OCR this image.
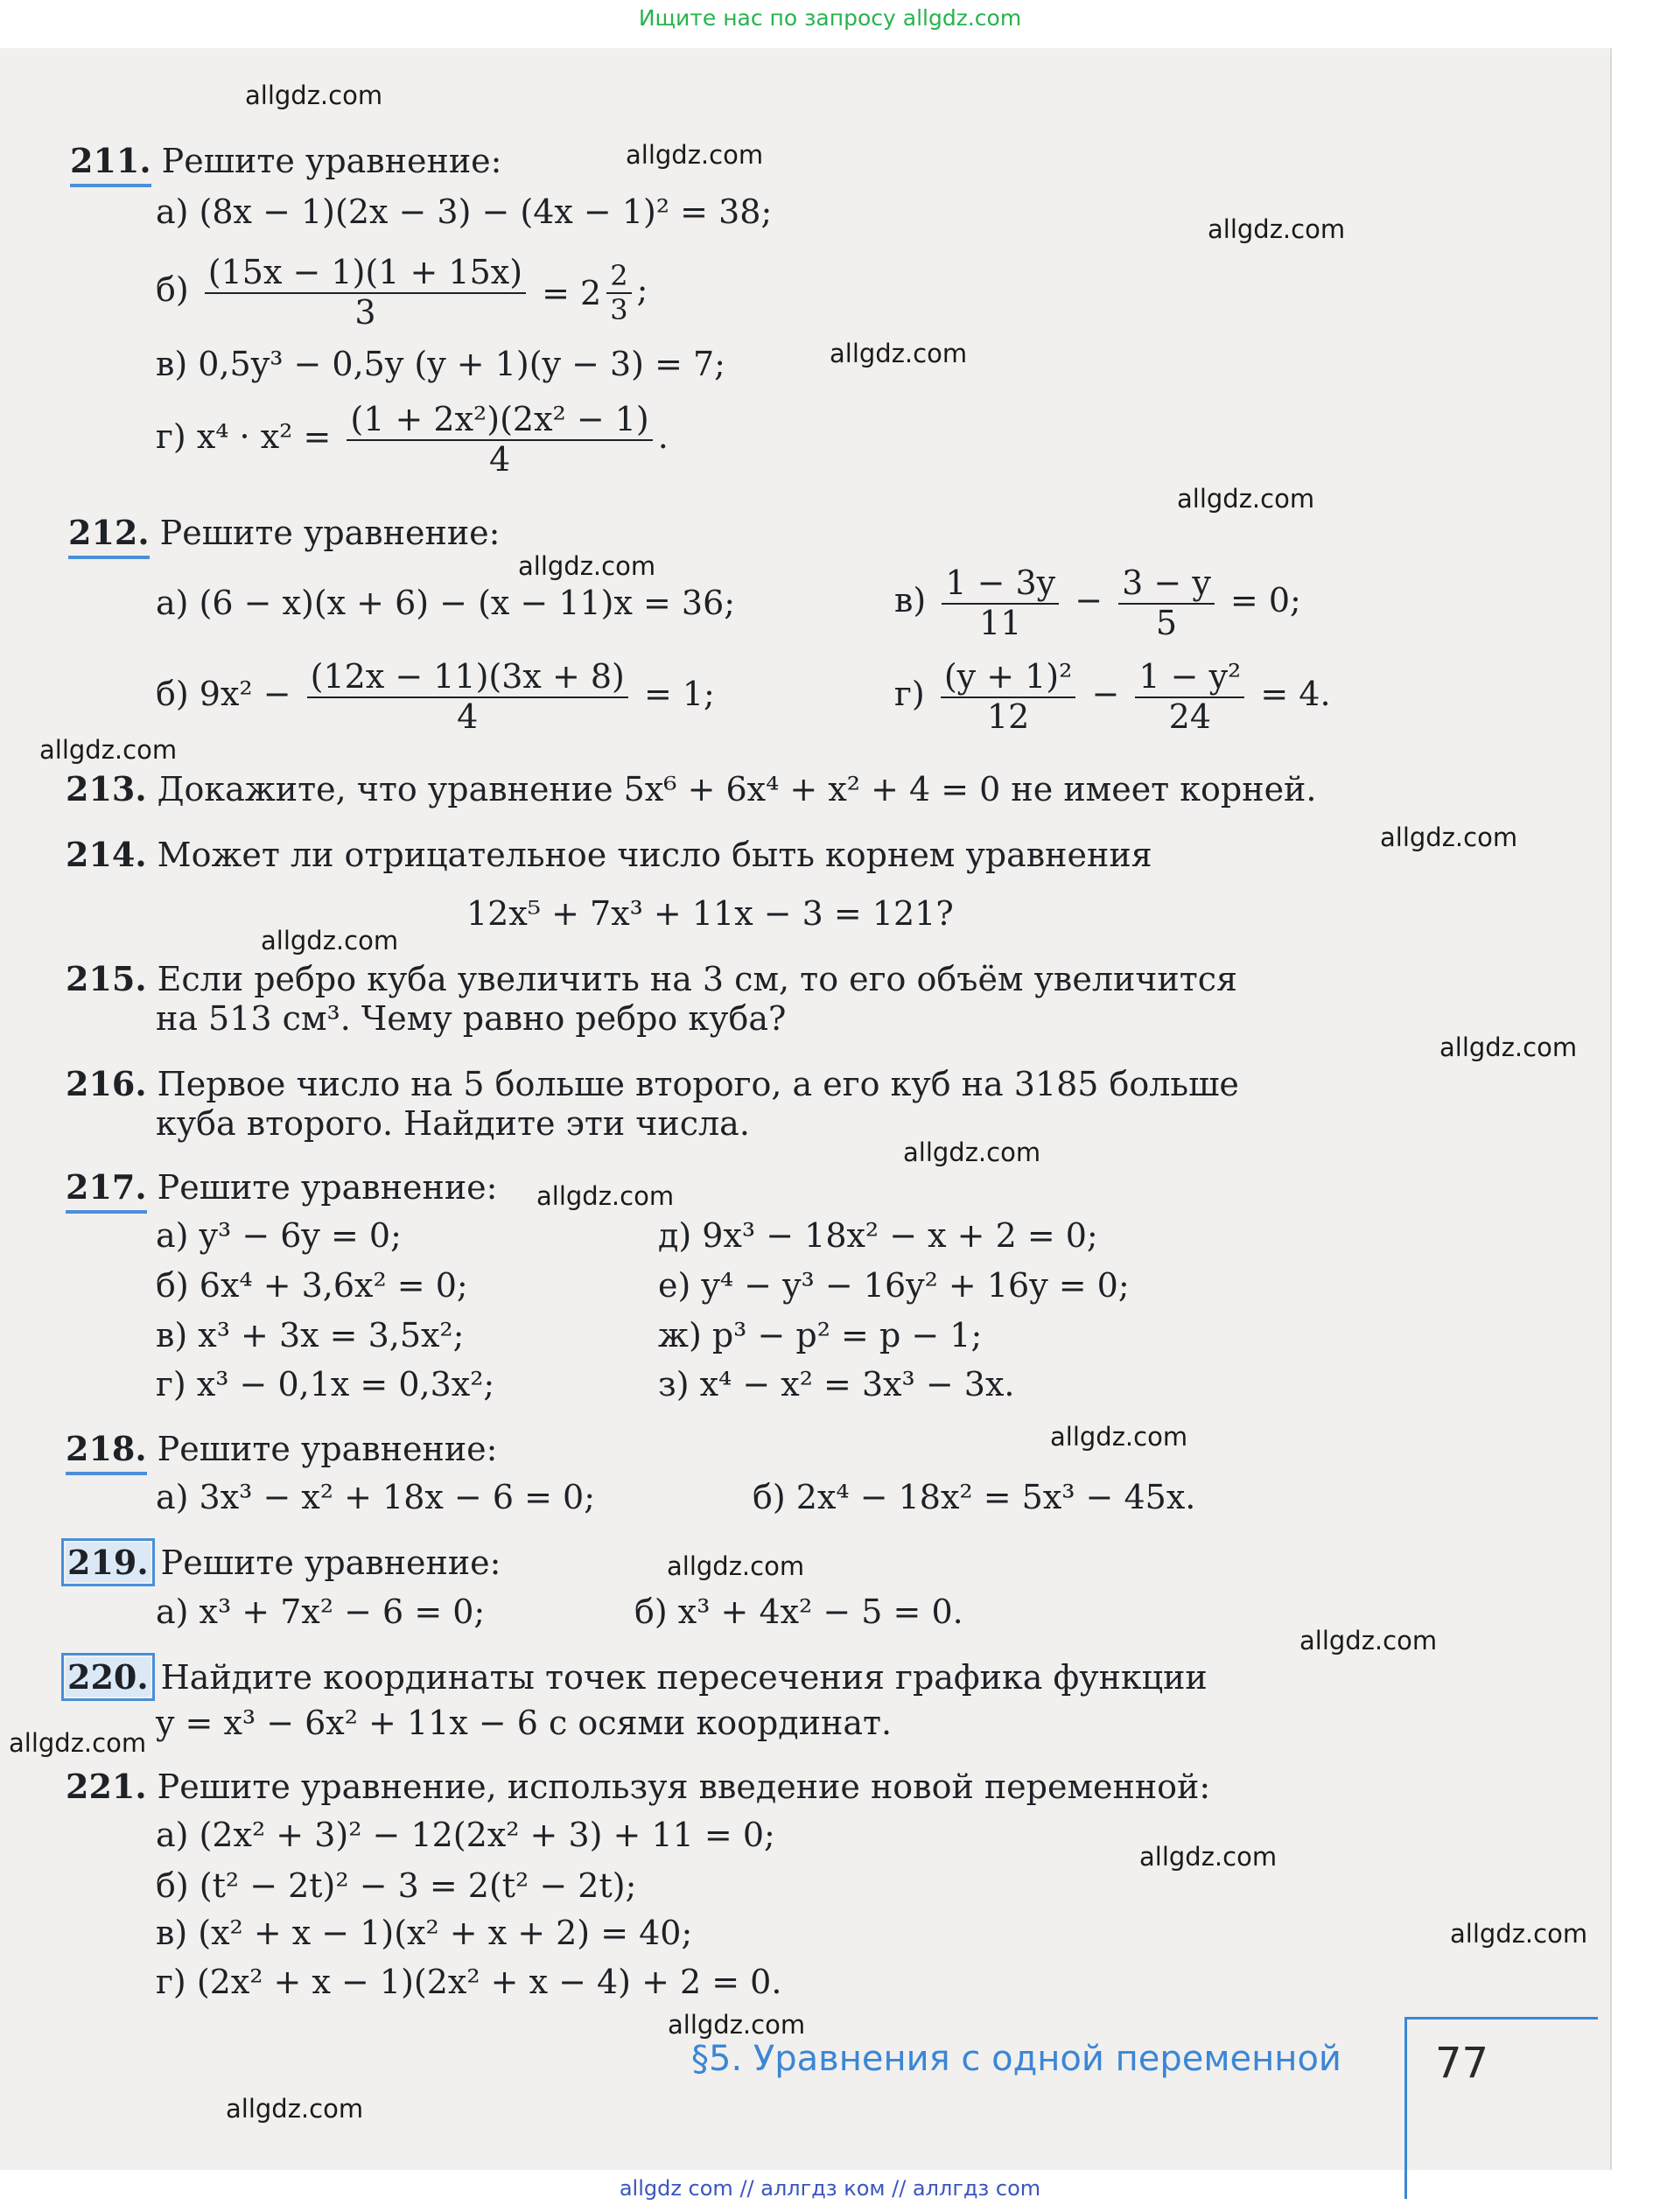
Ищите нас по запросу allgdz.com
allgdz.com
allgdz.com
allgdz.com
allgdz.com
allgdz.com
allgdz.com
allgdz.com
allgdz.com
allgdz.com
allgdz.com
allgdz.com
allgdz.com
allgdz.com
allgdz.com
allgdz.com
allgdz.com
allgdz.com
allgdz.com
allgdz.com
allgdz.com
211. Решите уравнение:
а) (8x − 1)(2x − 3) − (4x − 1)² = 38;
$б) \frac{(15x - 1)(1 + 15x)}{3}$
= $2 \frac{2}{3}$ ;
в) 0,5y³ − 0,5y (y + 1)(y − 3) = 7;
г) $x^4 \cdot x^2 = \frac{\text{(1 + 2x²)(2x² − 1)}}{4}$ .
212. Решите уравнение:
а) (6 − x)(x + 6) − (x − 11)x = 36;	$в) \frac{1 - 3y}{11} - \frac{3 - y}{5} = 0$;
б) $9x^2 - \frac{(12x - 11)(3x + 8)}{4} = 1$;	$г) \frac{\text{(y + 1)²}}{12} - \frac{\text{1 − y²}}{24} = 4$.
213. Докажите, что уравнение 5x⁶ + 6x⁴ + x² + 4 = 0 не имеет корней.
214. Может ли отрицательное число быть корнем уравнения
12x⁵ + 7x³ + 11x − 3 = 121?
215. Если ребро куба увеличить на 3 см, то его объём увеличится
на 513 см³. Чему равно ребро куба?
216. Первое число на 5 больше второго, а его куб на 3185 больше
куба второго. Найдите эти числа.
217. Решите уравнение:
а) y³ − 6y = 0;	д) 9x³ − 18x² − x + 2 = 0;
б) 6x⁴ + 3,6x² = 0;	е) y⁴ − y³ − 16y² + 16y = 0;
в) x³ + 3x = 3,5x²;	ж) p³ − p² = p − 1;
г) x³ − 0,1x = 0,3x²;	з) x⁴ − x² = 3x³ − 3x.
218. Решите уравнение:
а) 3x³ − x² + 18x − 6 = 0;	б) 2x⁴ − 18x² = 5x³ − 45x.
219. Решите уравнение:
а) x³ + 7x² − 6 = 0;	б) x³ + 4x² − 5 = 0.
220. Найдите координаты точек пересечения графика функции
y = x³ − 6x² + 11x − 6 с осями координат.
221. Решите уравнение, используя введение новой переменной:
а) (2x² + 3)² − 12(2x² + 3) + 11 = 0;
б) (t² − 2t)² − 3 = 2(t² − 2t);
в) (x² + x − 1)(x² + x + 2) = 40;
г) (2x² + x − 1)(2x² + x − 4) + 2 = 0.
§5. Уравнения с одной переменной 77
allgdz com // аллгдз ком // аллгдз com
